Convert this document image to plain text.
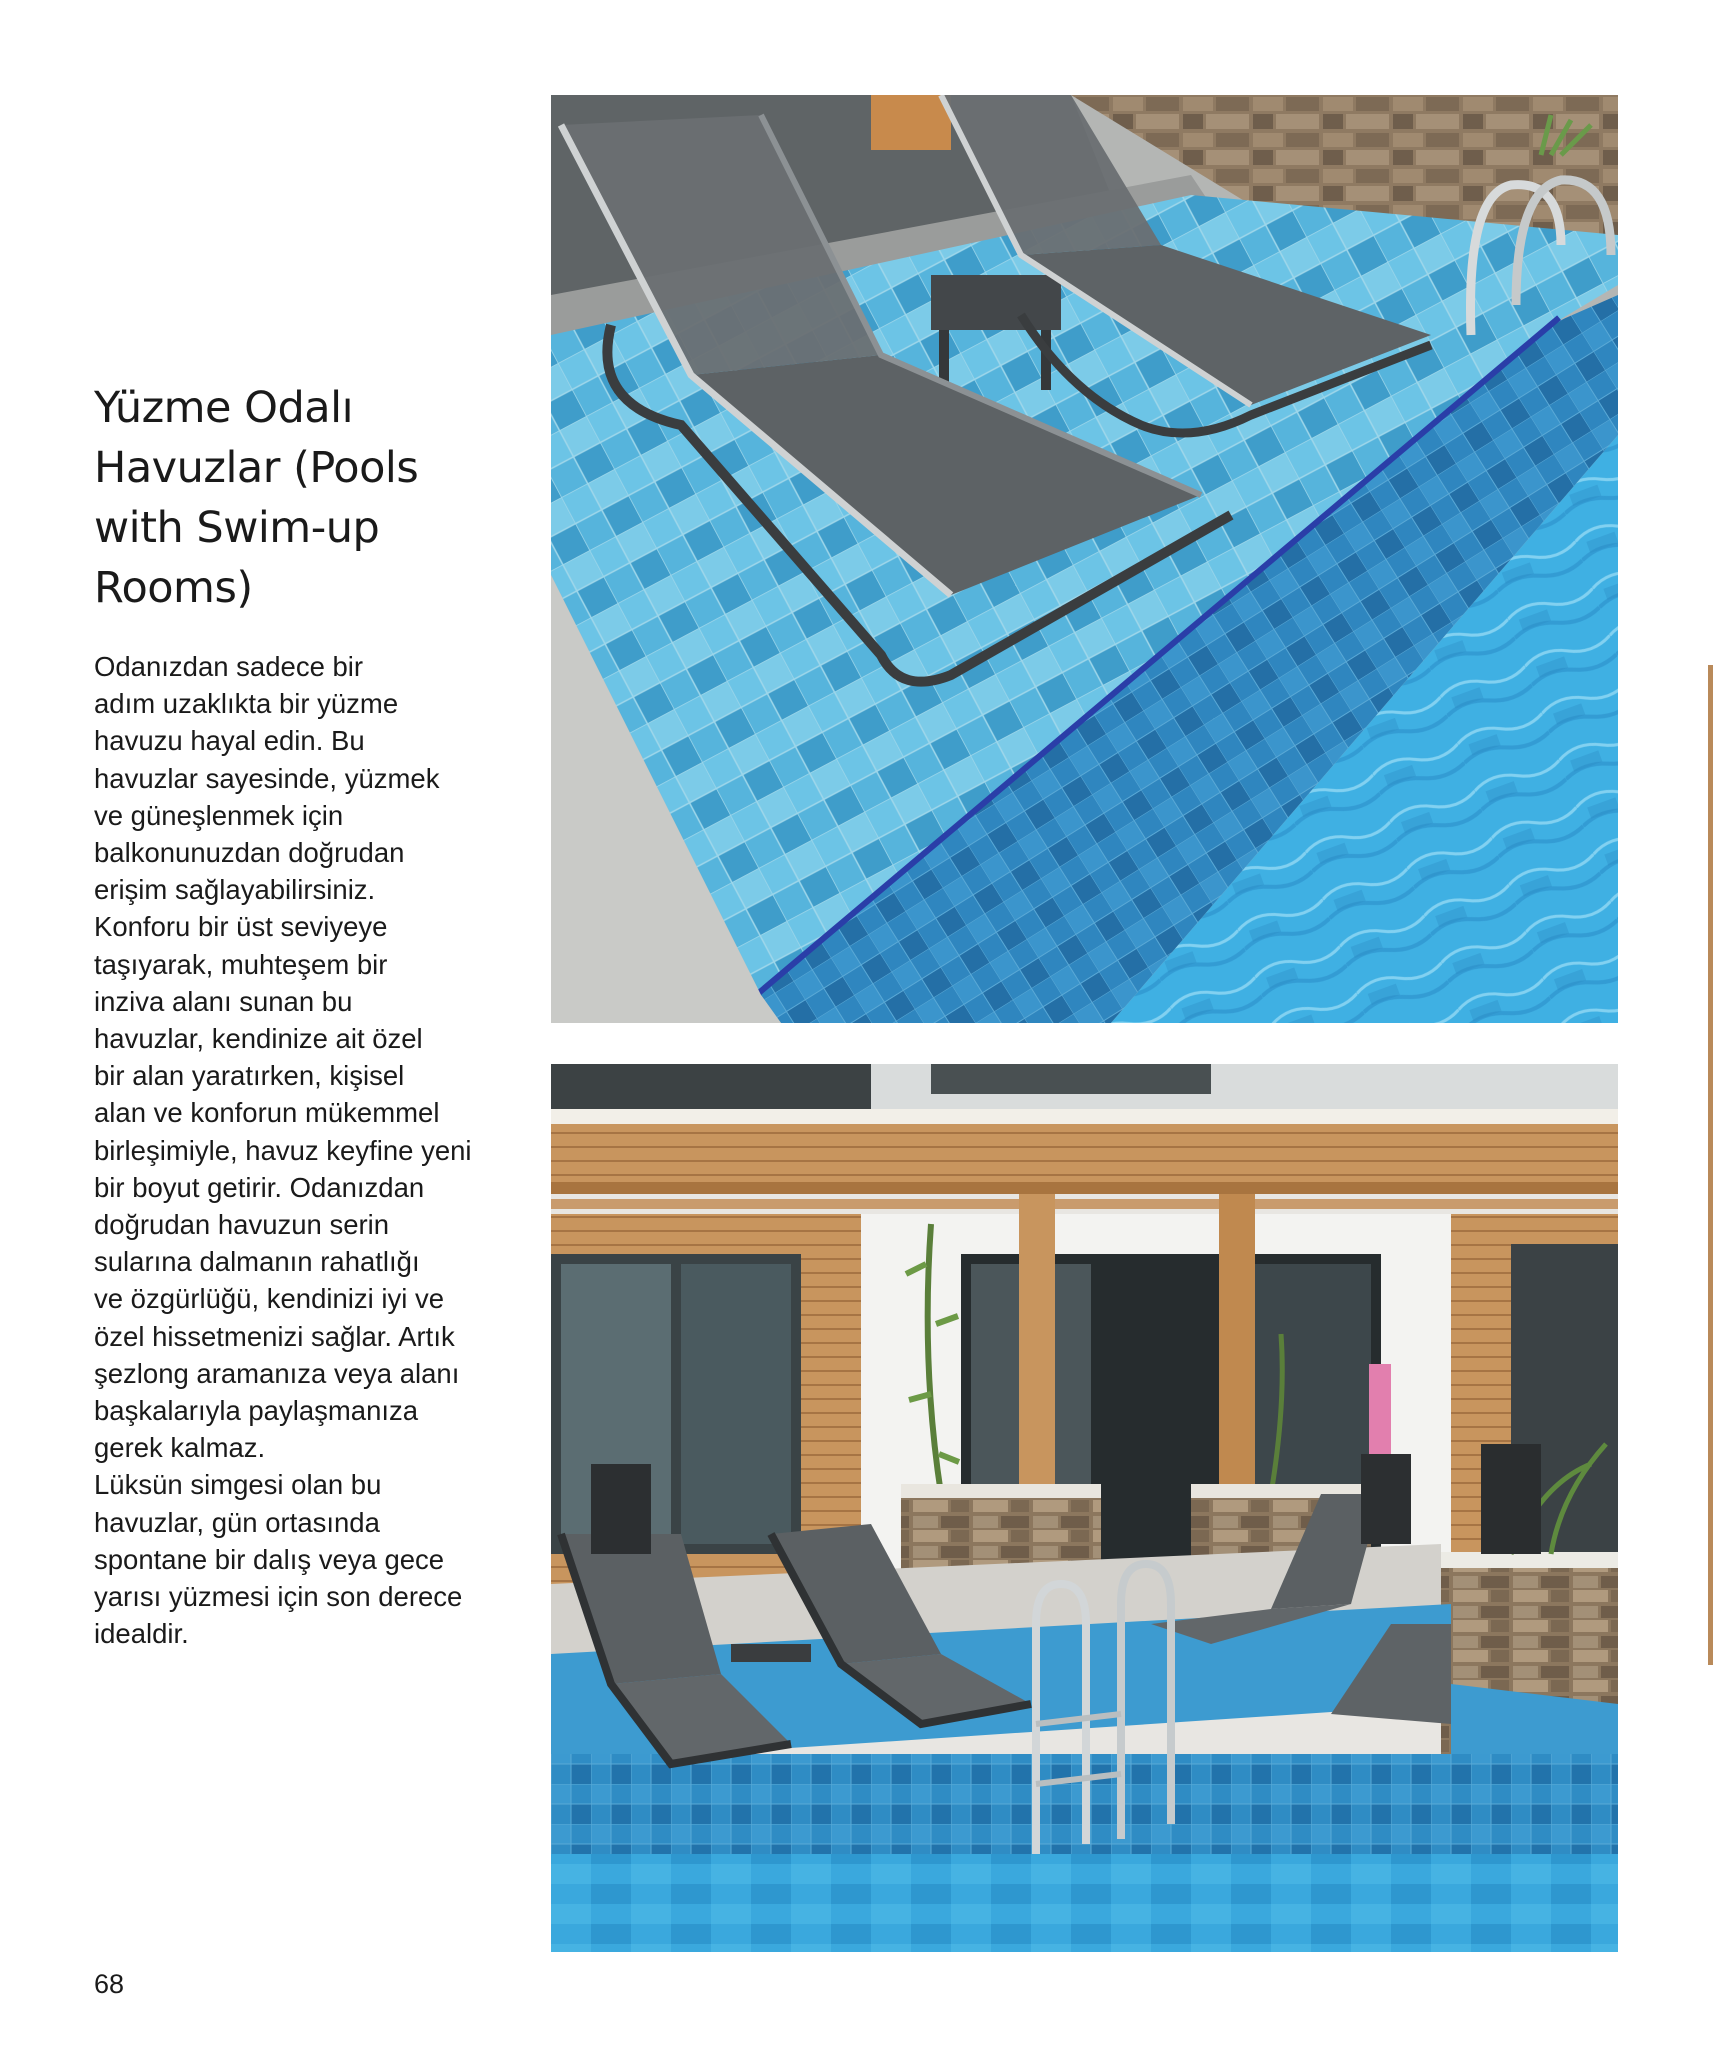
Yüzme Odalı
Havuzlar (Pools
with Swim-up
Rooms)

Odanızdan sadece bir
adım uzaklıkta bir yüzme
havuzu hayal edin. Bu
havuzlar sayesinde, yüzmek
ve güneşlenmek için
balkonunuzdan doğrudan
erişim sağlayabilirsiniz.
Konforu bir üst seviyeye
taşıyarak, muhteşem bir
inziva alanı sunan bu
havuzlar, kendinize ait özel
bir alan yaratırken, kişisel
alan ve konforun mükemmel
birleşimiyle, havuz keyfine yeni
bir boyut getirir. Odanızdan
doğrudan havuzun serin
sularına dalmanın rahatlığı
ve özgürlüğü, kendinizi iyi ve
özel hissetmenizi sağlar. Artık
şezlong aramanıza veya alanı
başkalarıyla paylaşmanıza
gerek kalmaz.
Lüksün simgesi olan bu
havuzlar, gün ortasında
spontane bir dalış veya gece
yarısı yüzmesi için son derece
idealdir.

68
